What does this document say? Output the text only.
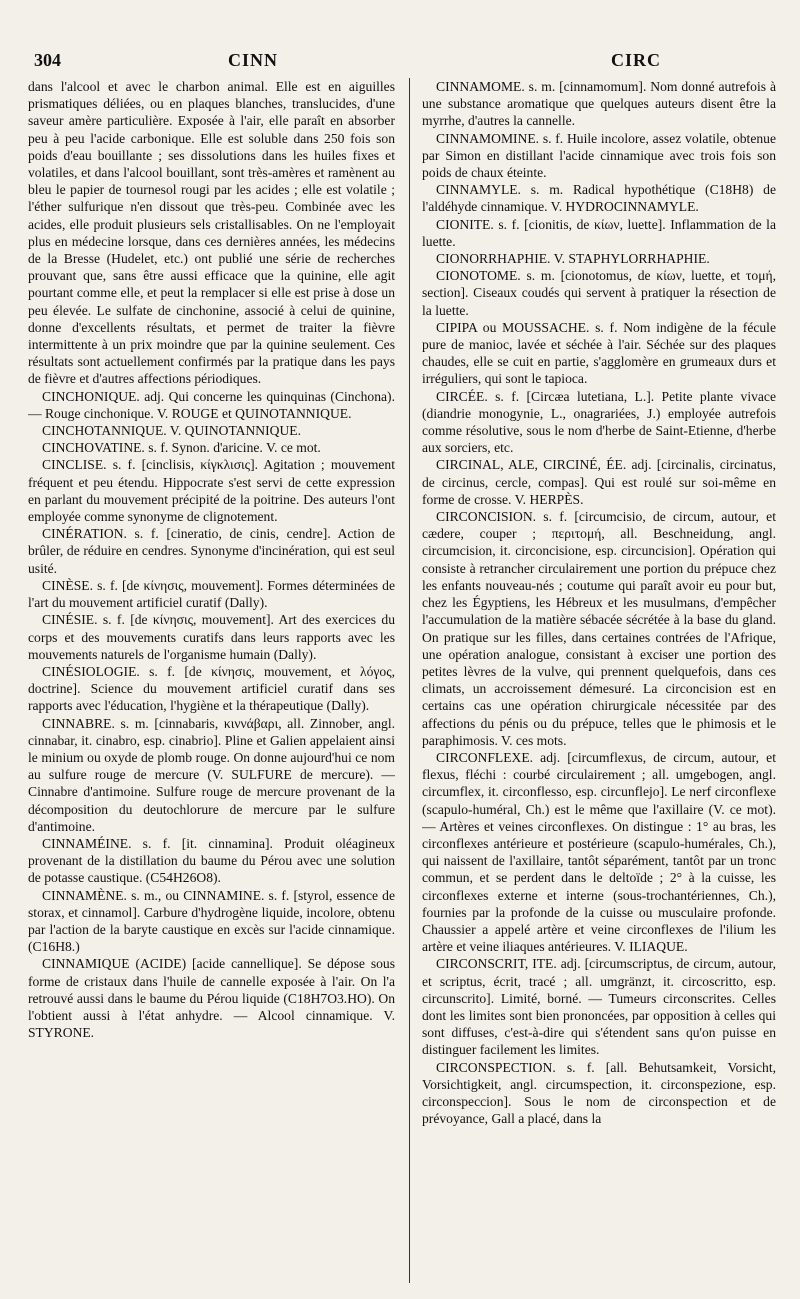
304	CINN	CIRC

dans l'alcool et avec le charbon animal. Elle est en aiguilles prismatiques déliées, ou en plaques blanches, translucides, d'une saveur amère particulière. Exposée à l'air, elle paraît en absorber peu à peu l'acide carbonique. Elle est soluble dans 250 fois son poids d'eau bouillante ; ses dissolutions dans les huiles fixes et volatiles, et dans l'alcool bouillant, sont très-amères et ramènent au bleu le papier de tournesol rougi par les acides ; elle est volatile ; l'éther sulfurique n'en dissout que très-peu. Combinée avec les acides, elle produit plusieurs sels cristallisables. On ne l'employait plus en médecine lorsque, dans ces dernières années, les médecins de la Bresse (Hudelet, etc.) ont publié une série de recherches prouvant que, sans être aussi efficace que la quinine, elle agit pourtant comme elle, et peut la remplacer si elle est prise à dose un peu élevée. Le sulfate de cinchonine, associé à celui de quinine, donne d'excellents résultats, et permet de traiter la fièvre intermittente à un prix moindre que par la quinine seulement. Ces résultats sont actuellement confirmés par la pratique dans les pays de fièvre et d'autres affections périodiques.

CINCHONIQUE. adj. Qui concerne les quinquinas (Cinchona). — Rouge cinchonique. V. ROUGE et QUINOTANNIQUE.

CINCHOTANNIQUE. V. QUINOTANNIQUE.

CINCHOVATINE. s. f. Synon. d'aricine. V. ce mot.

CINCLISE. s. f. [cinclisis, κίγκλισις]. Agitation ; mouvement fréquent et peu étendu. Hippocrate s'est servi de cette expression en parlant du mouvement précipité de la poitrine. Des auteurs l'ont employée comme synonyme de clignotement.

CINÉRATION. s. f. [cineratio, de cinis, cendre]. Action de brûler, de réduire en cendres. Synonyme d'incinération, qui est seul usité.

CINÈSE. s. f. [de κίνησις, mouvement]. Formes déterminées de l'art du mouvement artificiel curatif (Dally).

CINÉSIE. s. f. [de κίνησις, mouvement]. Art des exercices du corps et des mouvements curatifs dans leurs rapports avec les mouvements naturels de l'organisme humain (Dally).

CINÉSIOLOGIE. s. f. [de κίνησις, mouvement, et λόγος, doctrine]. Science du mouvement artificiel curatif dans ses rapports avec l'éducation, l'hygiène et la thérapeutique (Dally).

CINNABRE. s. m. [cinnabaris, κιννάβαρι, all. Zinnober, angl. cinnabar, it. cinabro, esp. cinabrio]. Pline et Galien appelaient ainsi le minium ou oxyde de plomb rouge. On donne aujourd'hui ce nom au sulfure rouge de mercure (V. SULFURE de mercure). — Cinnabre d'antimoine. Sulfure rouge de mercure provenant de la décomposition du deutochlorure de mercure par le sulfure d'antimoine.

CINNAMÉINE. s. f. [it. cinnamina]. Produit oléagineux provenant de la distillation du baume du Pérou avec une solution de potasse caustique. (C54H26O8).

CINNAMÈNE. s. m., ou CINNAMINE. s. f. [styrol, essence de storax, et cinnamol]. Carbure d'hydrogène liquide, incolore, obtenu par l'action de la baryte caustique en excès sur l'acide cinnamique. (C16H8.)

CINNAMIQUE (ACIDE) [acide cannellique]. Se dépose sous forme de cristaux dans l'huile de cannelle exposée à l'air. On l'a retrouvé aussi dans le baume du Pérou liquide (C18H7O3.HO). On l'obtient aussi à l'état anhydre. — Alcool cinnamique. V. STYRONE.

CINNAMOME. s. m. [cinnamomum]. Nom donné autrefois à une substance aromatique que quelques auteurs disent être la myrrhe, d'autres la cannelle.

CINNAMOMINE. s. f. Huile incolore, assez volatile, obtenue par Simon en distillant l'acide cinnamique avec trois fois son poids de chaux éteinte.

CINNAMYLE. s. m. Radical hypothétique (C18H8) de l'aldéhyde cinnamique. V. HYDROCINNAMYLE.

CIONITE. s. f. [cionitis, de κίων, luette]. Inflammation de la luette.

CIONORRHAPHIE. V. STAPHYLORRHAPHIE.

CIONOTOME. s. m. [cionotomus, de κίων, luette, et τομή, section]. Ciseaux coudés qui servent à pratiquer la résection de la luette.

CIPIPA ou MOUSSACHE. s. f. Nom indigène de la fécule pure de manioc, lavée et séchée à l'air. Séchée sur des plaques chaudes, elle se cuit en partie, s'agglomère en grumeaux durs et irréguliers, qui sont le tapioca.

CIRCÉE. s. f. [Circæa lutetiana, L.]. Petite plante vivace (diandrie monogynie, L., onagrariées, J.) employée autrefois comme résolutive, sous le nom d'herbe de Saint-Etienne, d'herbe aux sorciers, etc.

CIRCINAL, ALE, CIRCINÉ, ÉE. adj. [circinalis, circinatus, de circinus, cercle, compas]. Qui est roulé sur soi-même en forme de crosse. V. HERPÈS.

CIRCONCISION. s. f. [circumcisio, de circum, autour, et cædere, couper ; περιτομή, all. Beschneidung, angl. circumcision, it. circoncisione, esp. circuncision]. Opération qui consiste à retrancher circulairement une portion du prépuce chez les enfants nouveau-nés ; coutume qui paraît avoir eu pour but, chez les Égyptiens, les Hébreux et les musulmans, d'empêcher l'accumulation de la matière sébacée sécrétée à la base du gland. On pratique sur les filles, dans certaines contrées de l'Afrique, une opération analogue, consistant à exciser une portion des petites lèvres de la vulve, qui prennent quelquefois, dans ces climats, un accroissement démesuré. La circoncision est en certains cas une opération chirurgicale nécessitée par des affections du pénis ou du prépuce, telles que le phimosis et le paraphimosis. V. ces mots.

CIRCONFLEXE. adj. [circumflexus, de circum, autour, et flexus, fléchi : courbé circulairement ; all. umgebogen, angl. circumflex, it. circonflesso, esp. circunflejo]. Le nerf circonflexe (scapulo-huméral, Ch.) est le même que l'axillaire (V. ce mot). — Artères et veines circonflexes. On distingue : 1° au bras, les circonflexes antérieure et postérieure (scapulo-humérales, Ch.), qui naissent de l'axillaire, tantôt séparément, tantôt par un tronc commun, et se perdent dans le deltoïde ; 2° à la cuisse, les circonflexes externe et interne (sous-trochantériennes, Ch.), fournies par la profonde de la cuisse ou musculaire profonde. Chaussier a appelé artère et veine circonflexes de l'ilium les artère et veine iliaques antérieures. V. ILIAQUE.

CIRCONSCRIT, ITE. adj. [circumscriptus, de circum, autour, et scriptus, écrit, tracé ; all. umgränzt, it. circoscritto, esp. circunscrito]. Limité, borné. — Tumeurs circonscrites. Celles dont les limites sont bien prononcées, par opposition à celles qui sont diffuses, c'est-à-dire qui s'étendent sans qu'on puisse en distinguer facilement les limites.

CIRCONSPECTION. s. f. [all. Behutsamkeit, Vorsicht, Vorsichtigkeit, angl. circumspection, it. circonspezione, esp. circonspeccion]. Sous le nom de circonspection et de prévoyance, Gall a placé, dans la
